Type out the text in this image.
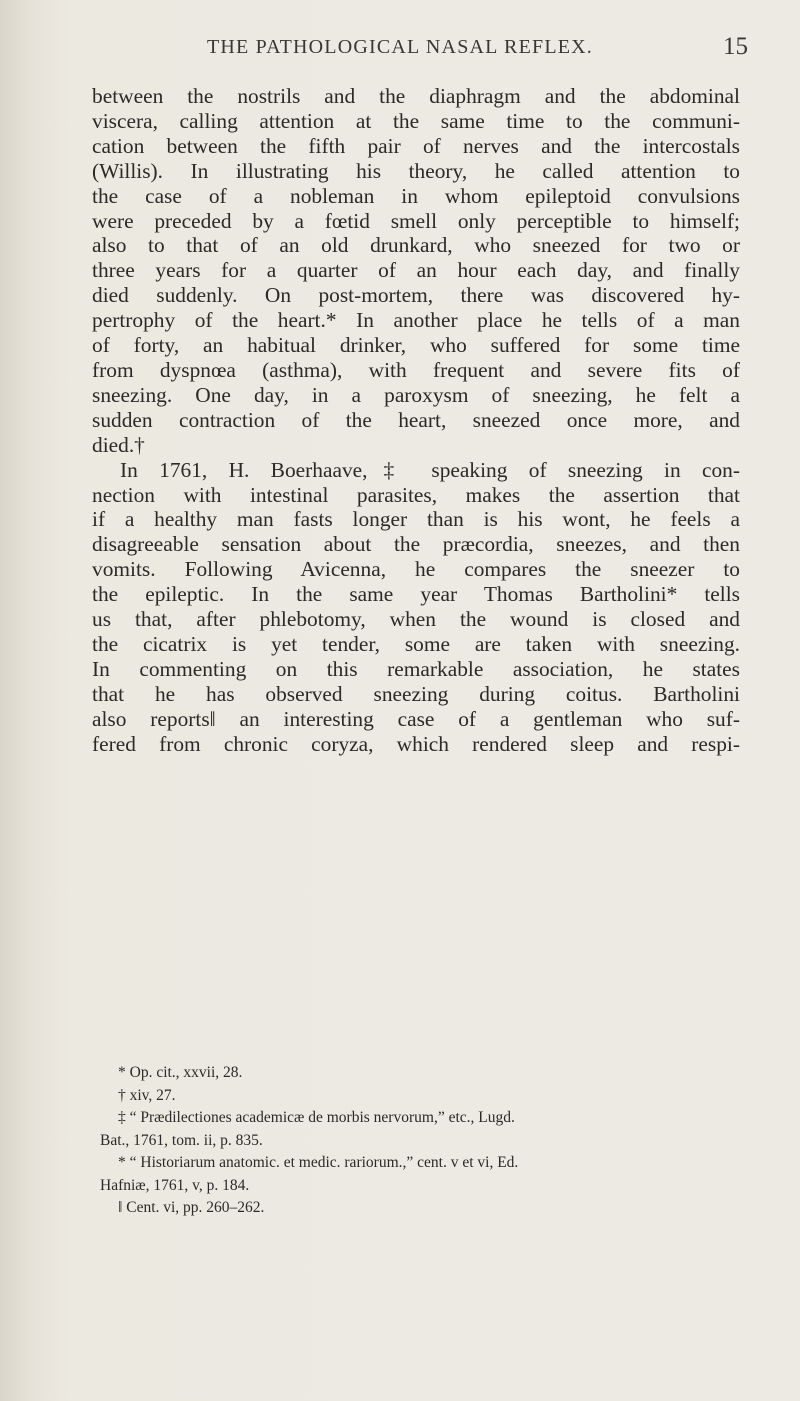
THE PATHOLOGICAL NASAL REFLEX.	15
between the nostrils and the diaphragm and the abdominal
viscera, calling attention at the same time to the communi-
cation between the fifth pair of nerves and the intercostals
(Willis). In illustrating his theory, he called attention to
the case of a nobleman in whom epileptoid convulsions
were preceded by a fœtid smell only perceptible to himself;
also to that of an old drunkard, who sneezed for two or
three years for a quarter of an hour each day, and finally
died suddenly. On post-mortem, there was discovered hy-
pertrophy of the heart.* In another place he tells of a man
of forty, an habitual drinker, who suffered for some time
from dyspnœa (asthma), with frequent and severe fits of
sneezing. One day, in a paroxysm of sneezing, he felt a
sudden contraction of the heart, sneezed once more, and
died.†
In 1761, H. Boerhaave,‡ speaking of sneezing in con-
nection with intestinal parasites, makes the assertion that
if a healthy man fasts longer than is his wont, he feels a
disagreeable sensation about the præcordia, sneezes, and then
vomits. Following Avicenna, he compares the sneezer to
the epileptic. In the same year Thomas Bartholini* tells
us that, after phlebotomy, when the wound is closed and
the cicatrix is yet tender, some are taken with sneezing.
In commenting on this remarkable association, he states
that he has observed sneezing during coitus. Bartholini
also reports‖ an interesting case of a gentleman who suf-
fered from chronic coryza, which rendered sleep and respi-
* Op. cit., xxvii, 28.
† xiv, 27.
‡ “ Prædilectiones academicæ de morbis nervorum,” etc., Lugd.
Bat., 1761, tom. ii, p. 835.
* “ Historiarum anatomic. et medic. rariorum.,” cent. v et vi, Ed.
Hafniæ, 1761, v, p. 184.
‖ Cent. vi, pp. 260–262.
